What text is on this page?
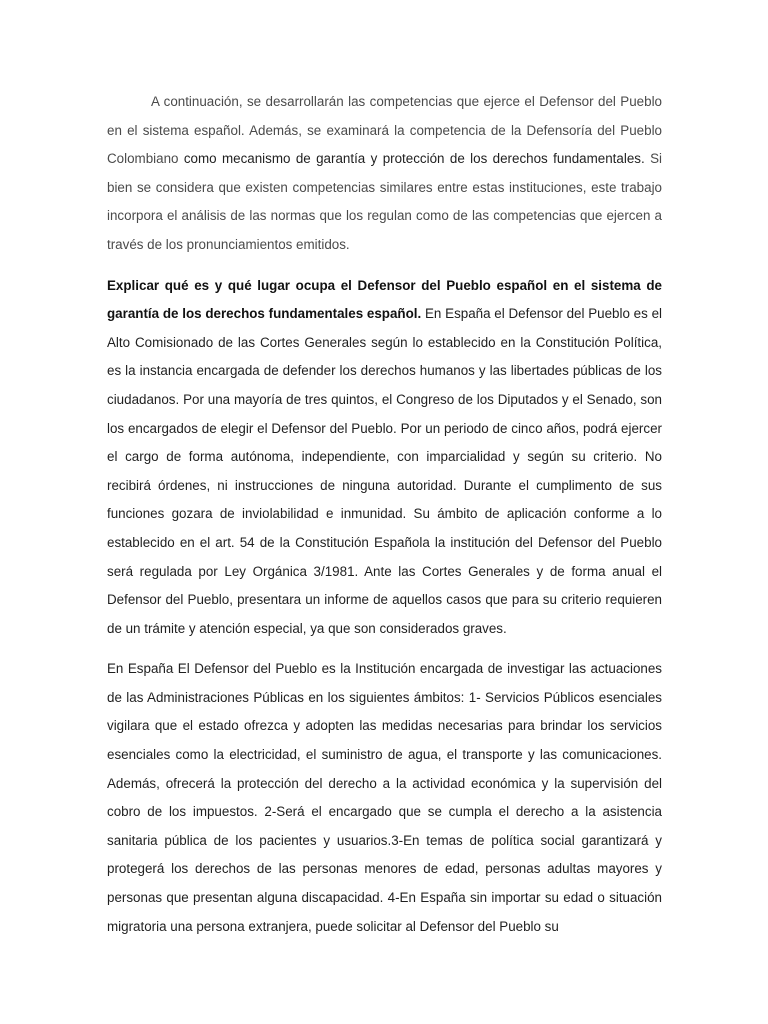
A continuación, se desarrollarán las competencias que ejerce el Defensor del Pueblo en el sistema español. Además, se examinará la competencia de la Defensoría del Pueblo Colombiano como mecanismo de garantía y protección de los derechos fundamentales. Si bien se considera que existen competencias similares entre estas instituciones, este trabajo incorpora el análisis de las normas que los regulan como de las competencias que ejercen a través de los pronunciamientos emitidos.

Explicar qué es y qué lugar ocupa el Defensor del Pueblo español en el sistema de garantía de los derechos fundamentales español. En España el Defensor del Pueblo es el Alto Comisionado de las Cortes Generales según lo establecido en la Constitución Política, es la instancia encargada de defender los derechos humanos y las libertades públicas de los ciudadanos. Por una mayoría de tres quintos, el Congreso de los Diputados y el Senado, son los encargados de elegir el Defensor del Pueblo. Por un periodo de cinco años, podrá ejercer el cargo de forma autónoma, independiente, con imparcialidad y según su criterio. No recibirá órdenes, ni instrucciones de ninguna autoridad. Durante el cumplimento de sus funciones gozara de inviolabilidad e inmunidad. Su ámbito de aplicación conforme a lo establecido en el art. 54 de la Constitución Española la institución del Defensor del Pueblo será regulada por Ley Orgánica 3/1981. Ante las Cortes Generales y de forma anual el Defensor del Pueblo, presentara un informe de aquellos casos que para su criterio requieren de un trámite y atención especial, ya que son considerados graves.

En España El Defensor del Pueblo es la Institución encargada de investigar las actuaciones de las Administraciones Públicas en los siguientes ámbitos: 1- Servicios Públicos esenciales vigilara que el estado ofrezca y adopten las medidas necesarias para brindar los servicios esenciales como la electricidad, el suministro de agua, el transporte y las comunicaciones. Además, ofrecerá la protección del derecho a la actividad económica y la supervisión del cobro de los impuestos. 2-Será el encargado que se cumpla el derecho a la asistencia sanitaria pública de los pacientes y usuarios.3-En temas de política social garantizará y protegerá los derechos de las personas menores de edad, personas adultas mayores y personas que presentan alguna discapacidad. 4-En España sin importar su edad o situación migratoria una persona extranjera, puede solicitar al Defensor del Pueblo su
